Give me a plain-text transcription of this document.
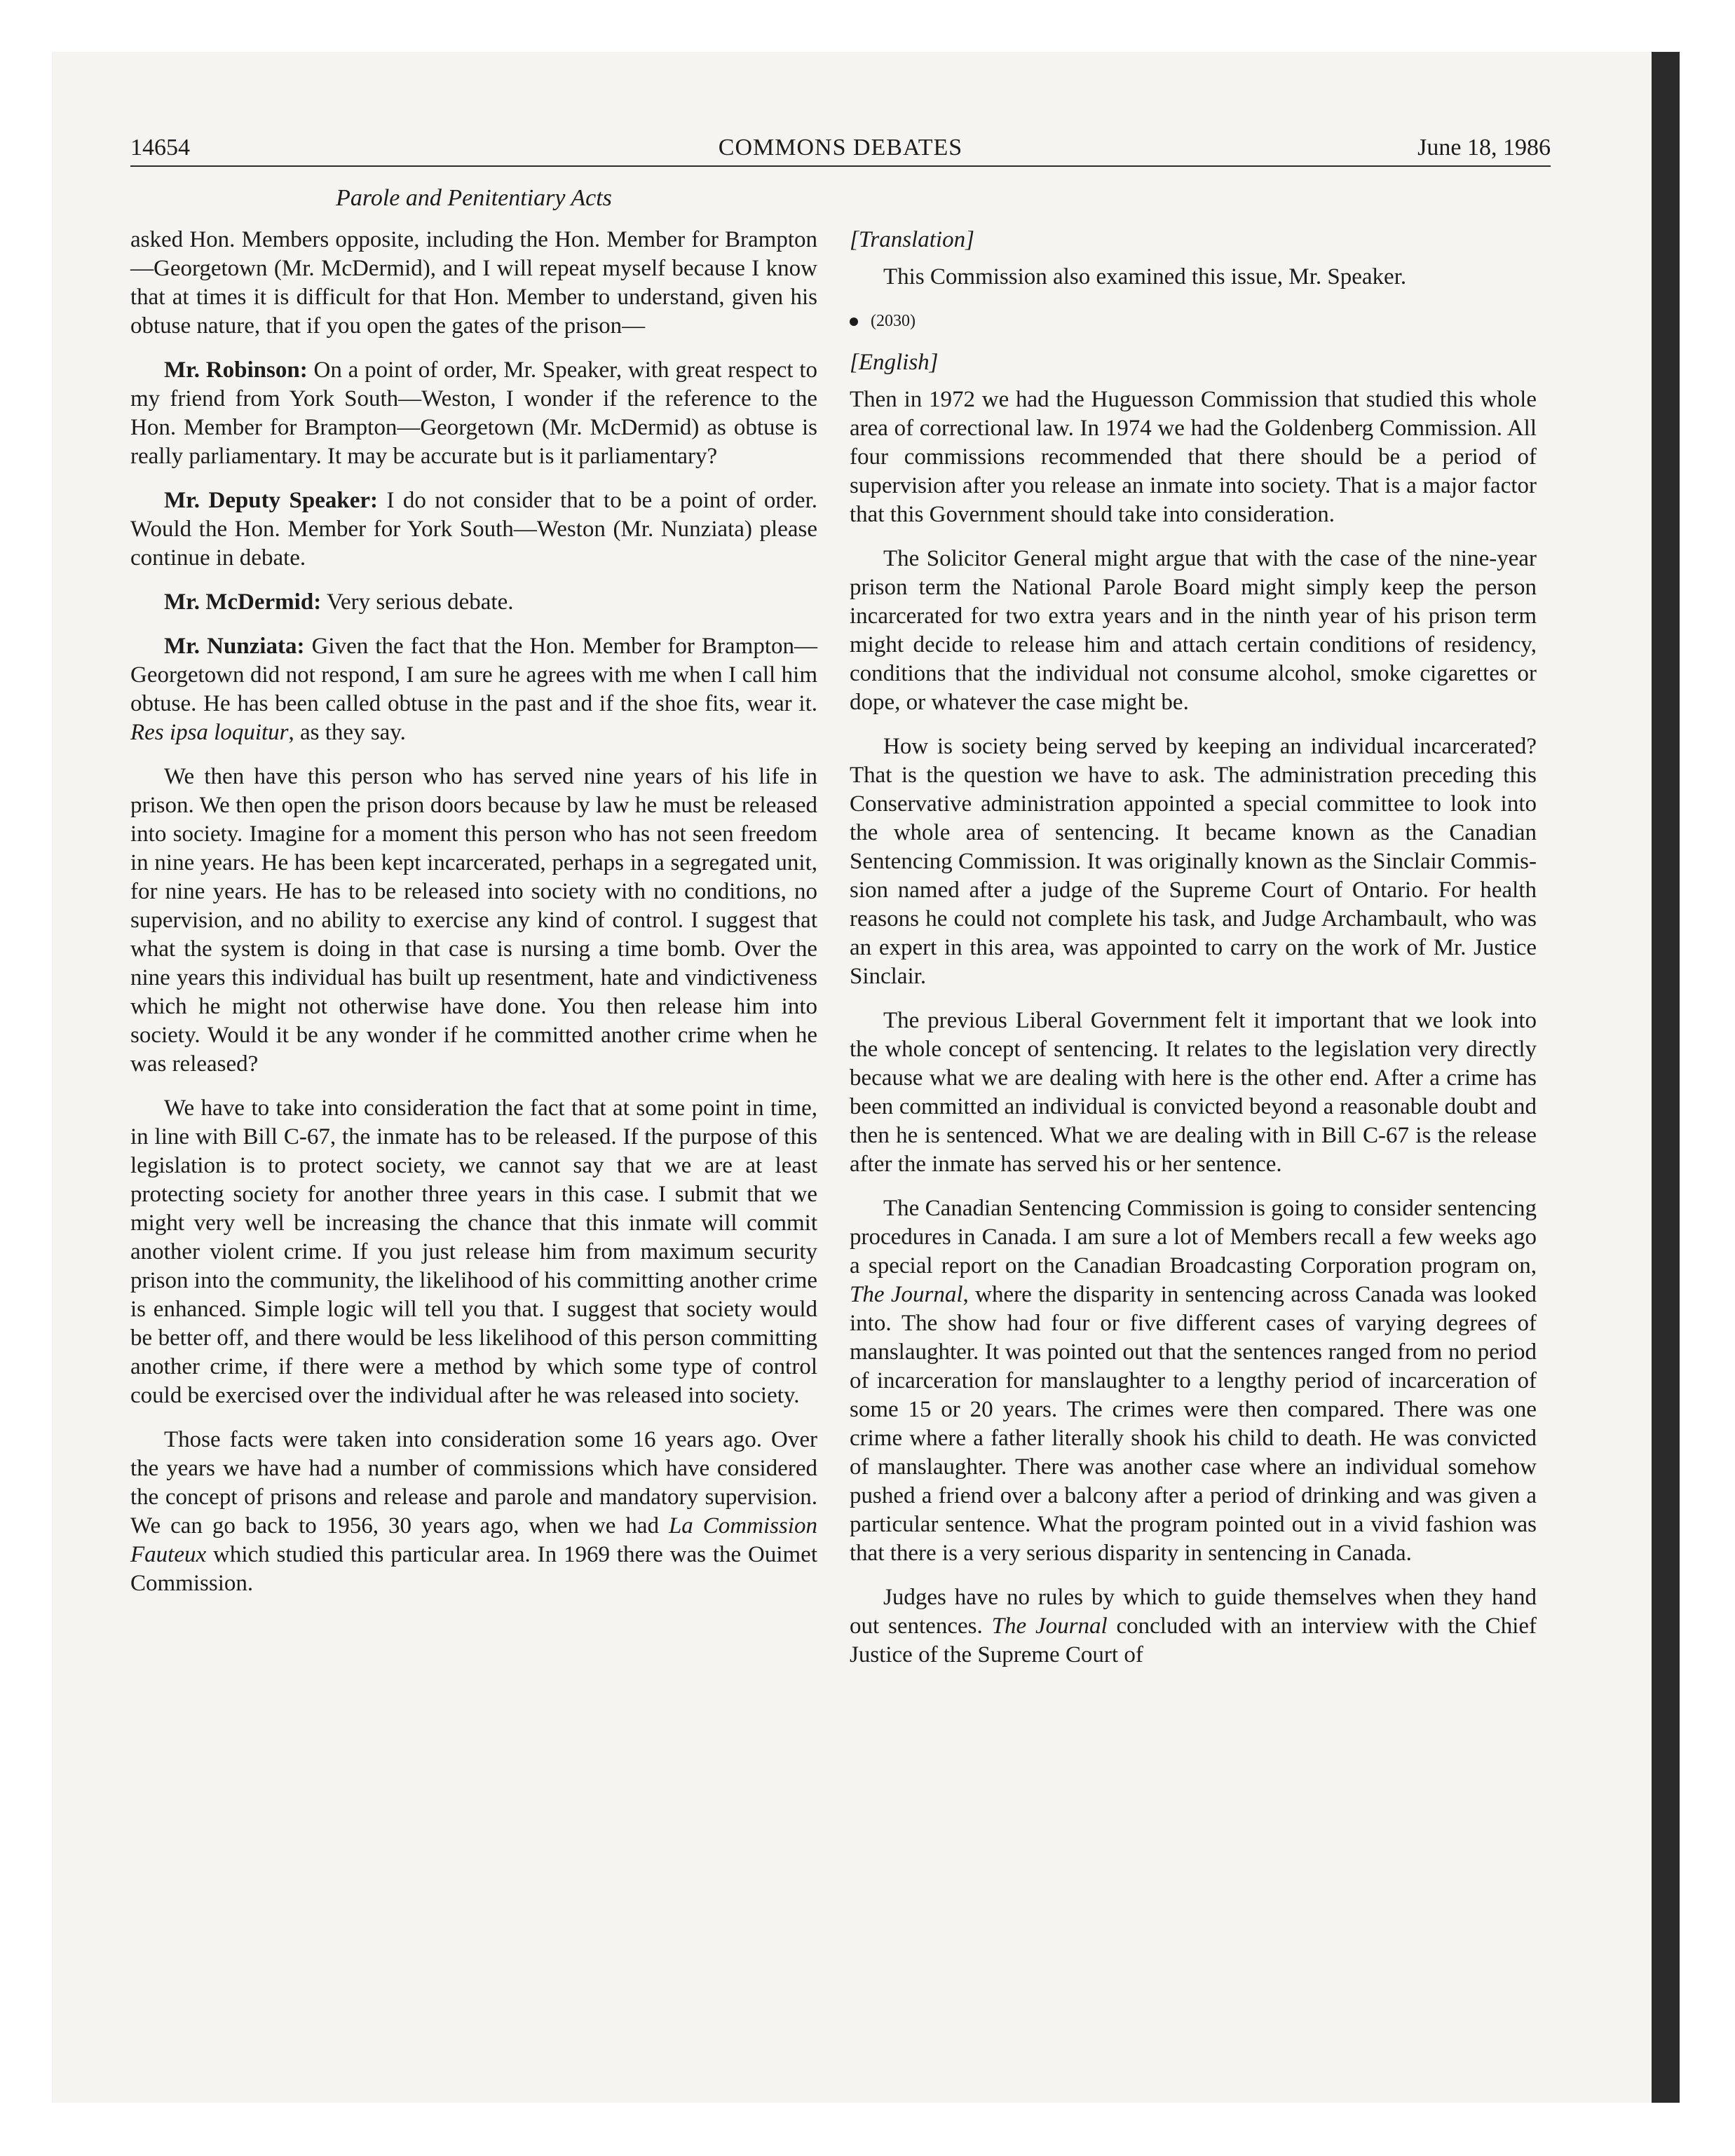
14654	COMMONS DEBATES	June 18, 1986
Parole and Penitentiary Acts

asked Hon. Members opposite, including the Hon. Member for Brampton—Georgetown (Mr. McDermid), and I will repeat myself because I know that at times it is difficult for that Hon. Member to understand, given his obtuse nature, that if you open the gates of the prison—

Mr. Robinson: On a point of order, Mr. Speaker, with great respect to my friend from York South—Weston, I wonder if the reference to the Hon. Member for Brampton—Georgetown (Mr. McDermid) as obtuse is really parliamentary. It may be accurate but is it parliamentary?

Mr. Deputy Speaker: I do not consider that to be a point of order. Would the Hon. Member for York South—Weston (Mr. Nunziata) please continue in debate.

Mr. McDermid: Very serious debate.

Mr. Nunziata: Given the fact that the Hon. Member for Brampton—Georgetown did not respond, I am sure he agrees with me when I call him obtuse. He has been called obtuse in the past and if the shoe fits, wear it. Res ipsa loquitur, as they say.

We then have this person who has served nine years of his life in prison. We then open the prison doors because by law he must be released into society. Imagine for a moment this person who has not seen freedom in nine years. He has been kept incarcerated, perhaps in a segregated unit, for nine years. He has to be released into society with no conditions, no supervision, and no ability to exercise any kind of control. I suggest that what the system is doing in that case is nursing a time bomb. Over the nine years this individual has built up resentment, hate and vindictiveness which he might not otherwise have done. You then release him into society. Would it be any wonder if he committed another crime when he was released?

We have to take into consideration the fact that at some point in time, in line with Bill C-67, the inmate has to be released. If the purpose of this legislation is to protect society, we cannot say that we are at least protecting society for another three years in this case. I submit that we might very well be increasing the chance that this inmate will commit another violent crime. If you just release him from maximum security prison into the community, the likelihood of his committing another crime is enhanced. Simple logic will tell you that. I suggest that society would be better off, and there would be less likelihood of this person committing another crime, if there were a method by which some type of control could be exercised over the individual after he was released into society.

Those facts were taken into consideration some 16 years ago. Over the years we have had a number of commissions which have considered the concept of prisons and release and parole and mandatory supervision. We can go back to 1956, 30 years ago, when we had La Commission Fauteux which studied this particular area. In 1969 there was the Ouimet Commission.

[Translation]

This Commission also examined this issue, Mr. Speaker.

(2030)

[English]

Then in 1972 we had the Huguesson Commission that studied this whole area of correctional law. In 1974 we had the Goldenberg Commission. All four commissions recommended that there should be a period of supervision after you release an inmate into society. That is a major factor that this Government should take into consideration.

The Solicitor General might argue that with the case of the nine-year prison term the National Parole Board might simply keep the person incarcerated for two extra years and in the ninth year of his prison term might decide to release him and attach certain conditions of residency, conditions that the individual not consume alcohol, smoke cigarettes or dope, or whatever the case might be.

How is society being served by keeping an individual incarcerated? That is the question we have to ask. The administration preceding this Conservative administration appointed a special committee to look into the whole area of sentencing. It became known as the Canadian Sentencing Commission. It was originally known as the Sinclair Commission named after a judge of the Supreme Court of Ontario. For health reasons he could not complete his task, and Judge Archambault, who was an expert in this area, was appointed to carry on the work of Mr. Justice Sinclair.

The previous Liberal Government felt it important that we look into the whole concept of sentencing. It relates to the legislation very directly because what we are dealing with here is the other end. After a crime has been committed an individual is convicted beyond a reasonable doubt and then he is sentenced. What we are dealing with in Bill C-67 is the release after the inmate has served his or her sentence.

The Canadian Sentencing Commission is going to consider sentencing procedures in Canada. I am sure a lot of Members recall a few weeks ago a special report on the Canadian Broadcasting Corporation program on, The Journal, where the disparity in sentencing across Canada was looked into. The show had four or five different cases of varying degrees of manslaughter. It was pointed out that the sentences ranged from no period of incarceration for manslaughter to a lengthy period of incarceration of some 15 or 20 years. The crimes were then compared. There was one crime where a father literally shook his child to death. He was convicted of manslaughter. There was another case where an individual somehow pushed a friend over a balcony after a period of drinking and was given a particular sentence. What the program pointed out in a vivid fashion was that there is a very serious disparity in sentencing in Canada.

Judges have no rules by which to guide themselves when they hand out sentences. The Journal concluded with an interview with the Chief Justice of the Supreme Court of
